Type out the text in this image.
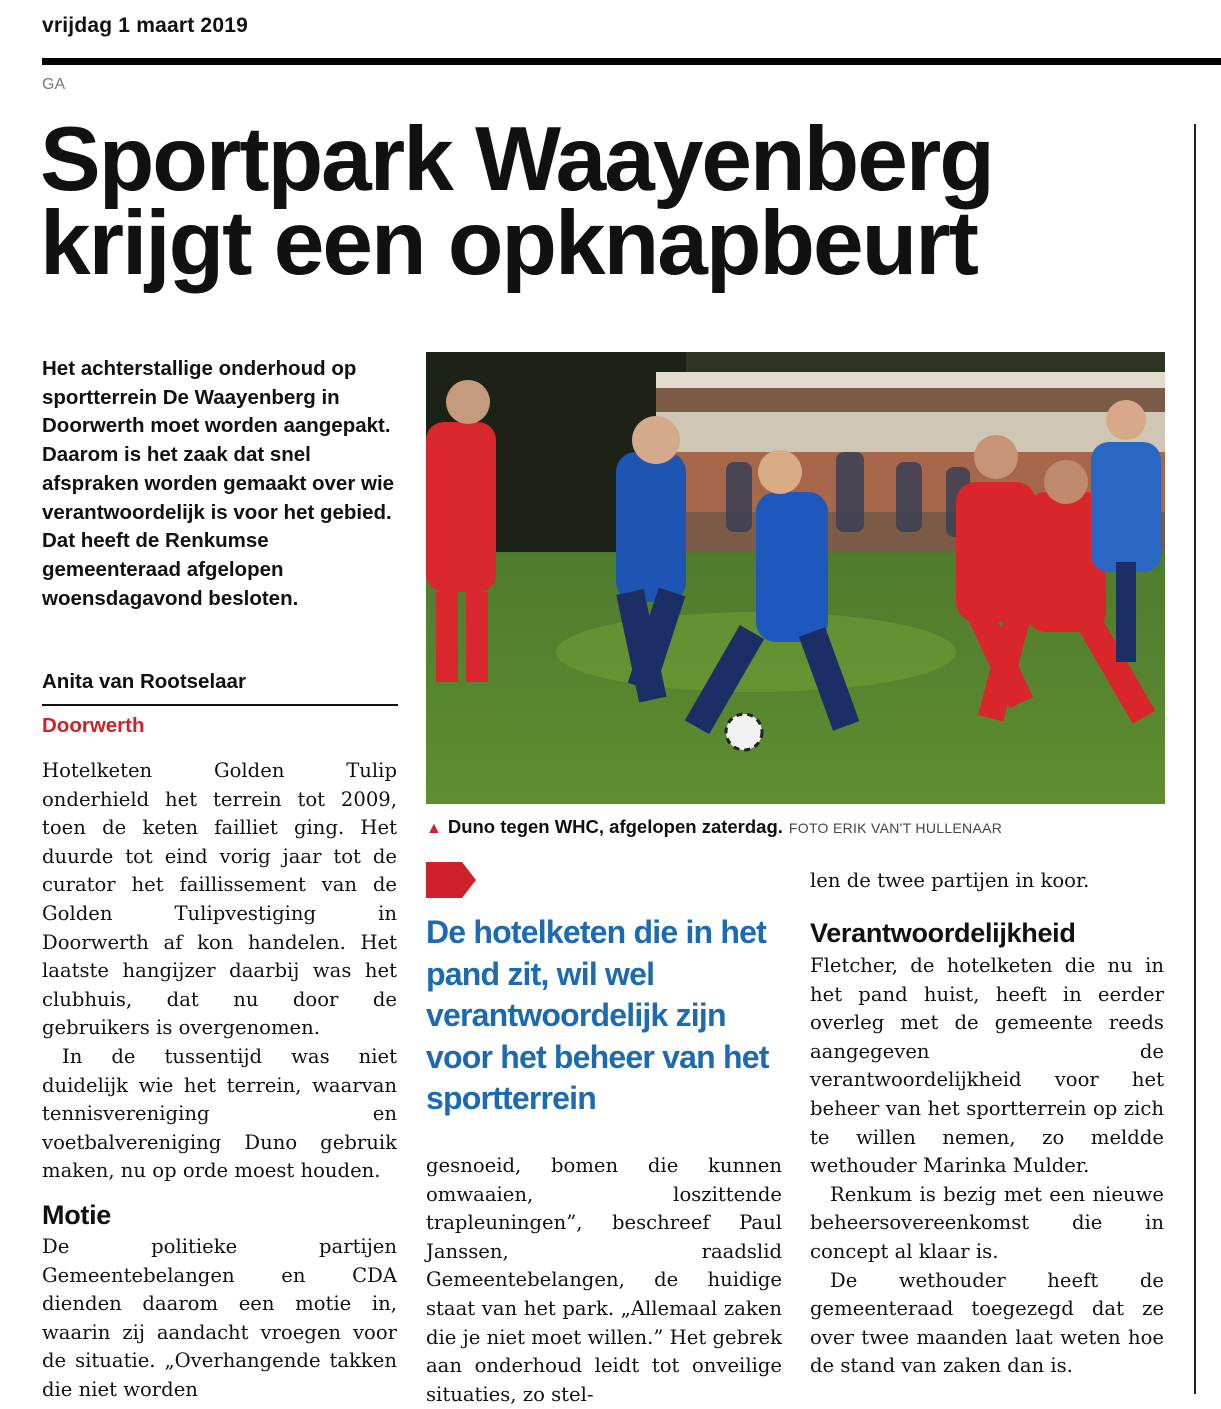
vrijdag 1 maart 2019
GA
Sportpark Waayenberg
krijgt een opknapbeurt
Het achterstallige onderhoud op sportterrein De Waayenberg in Doorwerth moet worden aangepakt. Daarom is het zaak dat snel afspraken worden gemaakt over wie verantwoordelijk is voor het gebied. Dat heeft de Renkumse gemeenteraad afgelopen woensdagavond besloten.
Anita van Rootselaar
Doorwerth

Hotelketen Golden Tulip onderhield het terrein tot 2009, toen de keten failliet ging. Het duurde tot eind vorig jaar tot de curator het faillissement van de Golden Tulipvestiging in Doorwerth af kon handelen. Het laatste hangijzer daarbij was het clubhuis, dat nu door de gebruikers is overgenomen.

In de tussentijd was niet duidelijk wie het terrein, waarvan tennisvereniging en voetbalvereniging Duno gebruik maken, nu op orde moest houden.

Motie

De politieke partijen Gemeentebelangen en CDA dienden daarom een motie in, waarin zij aandacht vroegen voor de situatie. „Overhangende takken die niet worden

▲ Duno tegen WHC, afgelopen zaterdag. FOTO ERIK VAN'T HULLENAAR
De hotelketen die in het pand zit, wil wel verantwoordelijk zijn voor het beheer van het sportterrein

gesnoeid, bomen die kunnen omwaaien, loszittende trapleuningen”, beschreef Paul Janssen, raadslid Gemeentebelangen, de huidige staat van het park. „Allemaal zaken die je niet moet willen.” Het gebrek aan onderhoud leidt tot onveilige situaties, zo stel-

len de twee partijen in koor.

Verantwoordelijkheid

Fletcher, de hotelketen die nu in het pand huist, heeft in eerder overleg met de gemeente reeds aangegeven de verantwoordelijkheid voor het beheer van het sportterrein op zich te willen nemen, zo meldde wethouder Marinka Mulder.

Renkum is bezig met een nieuwe beheersovereenkomst die in concept al klaar is.

De wethouder heeft de gemeenteraad toegezegd dat ze over twee maanden laat weten hoe de stand van zaken dan is.
